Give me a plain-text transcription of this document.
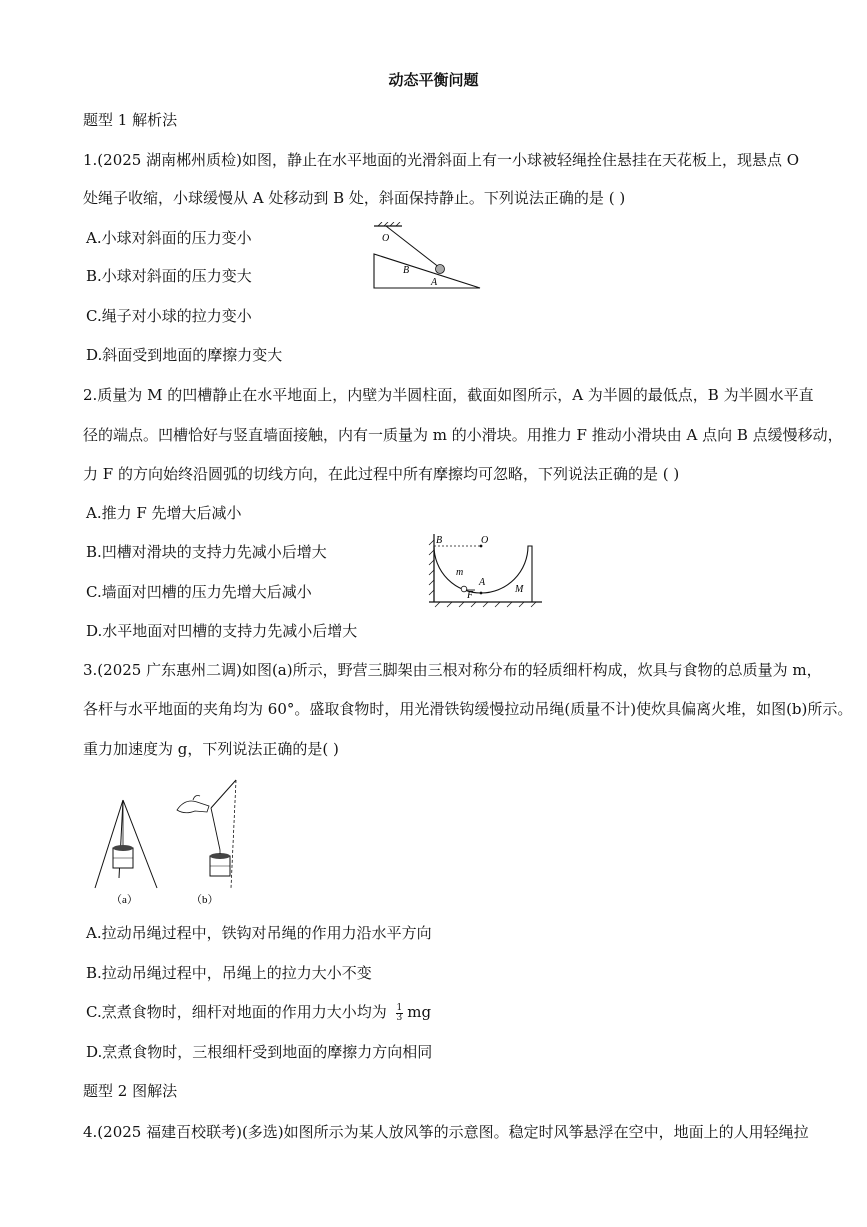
动态平衡问题
题型 1 解析法
1.(2025 湖南郴州质检)如图，静止在水平地面的光滑斜面上有一小球被轻绳拴住悬挂在天花板上，现悬点 O
处绳子收缩，小球缓慢从 A 处移动到 B 处，斜面保持静止。下列说法正确的是 ( )
A.小球对斜面的压力变小
B.小球对斜面的压力变大
C.绳子对小球的拉力变小
D.斜面受到地面的摩擦力变大
O
B
A
2.质量为 M 的凹槽静止在水平地面上，内壁为半圆柱面，截面如图所示，A 为半圆的最低点，B 为半圆水平直
径的端点。凹槽恰好与竖直墙面接触，内有一质量为 m 的小滑块。用推力 F 推动小滑块由 A 点向 B 点缓慢移动，
力 F 的方向始终沿圆弧的切线方向，在此过程中所有摩擦均可忽略，下列说法正确的是 ( )
A.推力 F 先增大后减小
B.凹槽对滑块的支持力先减小后增大
C.墙面对凹槽的压力先增大后减小
D.水平地面对凹槽的支持力先减小后增大
B	O
m
A
F
M
3.(2025 广东惠州二调)如图(a)所示，野营三脚架由三根对称分布的轻质细杆构成，炊具与食物的总质量为 m，
各杆与水平地面的夹角均为 60°。盛取食物时，用光滑铁钩缓慢拉动吊绳(质量不计)使炊具偏离火堆，如图(b)所示。
重力加速度为 g，下列说法正确的是( )
（a）	（b）
A.拉动吊绳过程中，铁钩对吊绳的作用力沿水平方向
B.拉动吊绳过程中，吊绳上的拉力大小不变
C.烹煮食物时，细杆对地面的作用力大小均为 $\frac{1}{3}$ mg
D.烹煮食物时，三根细杆受到地面的摩擦力方向相同
题型 2 图解法
4.(2025 福建百校联考)(多选)如图所示为某人放风筝的示意图。稳定时风筝悬浮在空中，地面上的人用轻绳拉
